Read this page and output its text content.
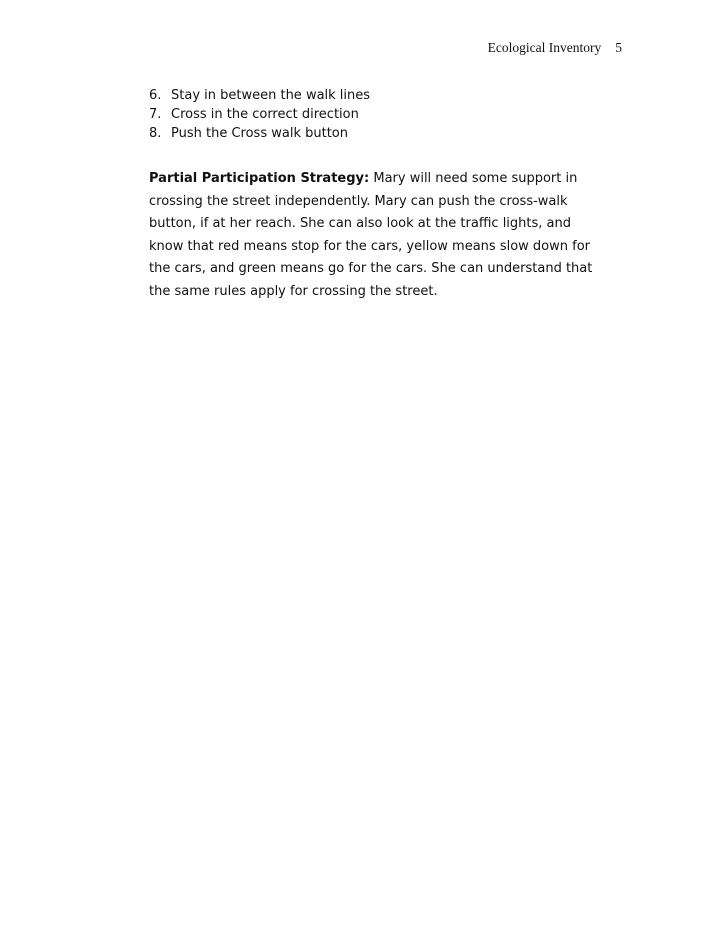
Ecological Inventory 5
6. Stay in between the walk lines
7. Cross in the correct direction
8. Push the Cross walk button

Partial Participation Strategy: Mary will need some support in crossing the street independently. Mary can push the cross-walk button, if at her reach. She can also look at the traffic lights, and know that red means stop for the cars, yellow means slow down for the cars, and green means go for the cars. She can understand that the same rules apply for crossing the street.
